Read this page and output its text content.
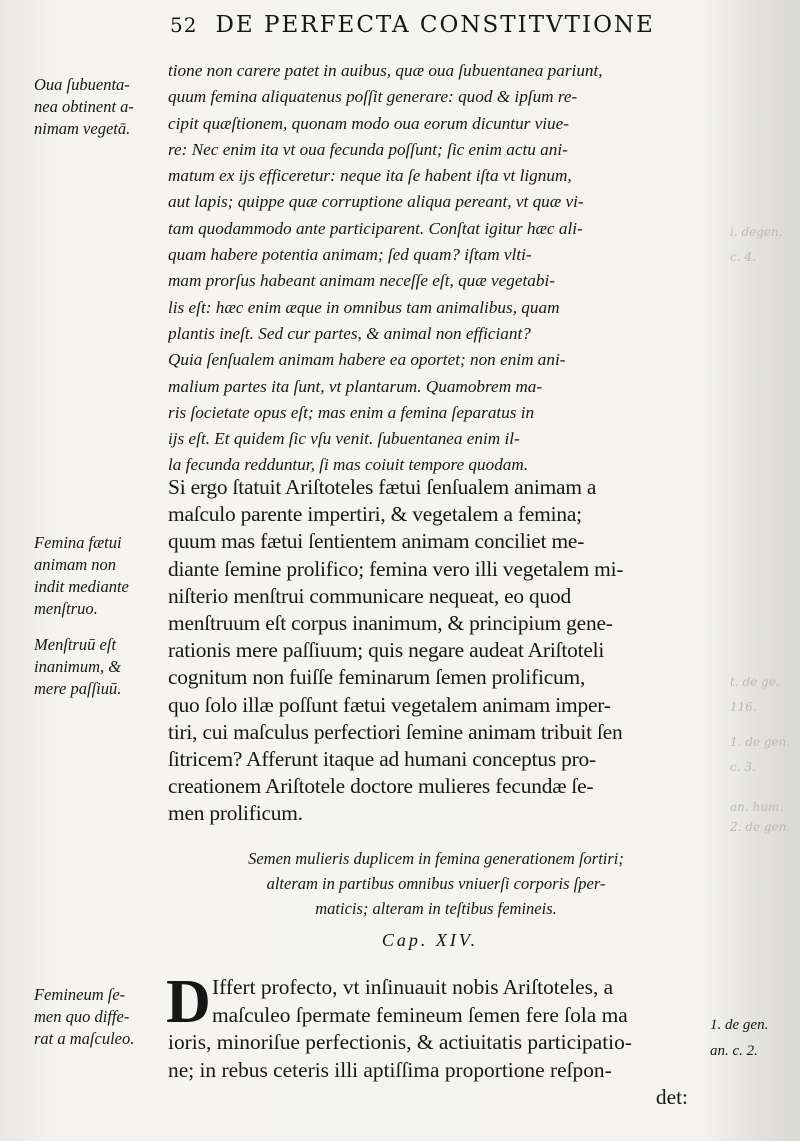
i. degen.
c. 4.
t. de ge.
116.
1. de gen.
c. 3.
an. hum.
2. de gen.
52 DE PERFECTA CONSTITVTIONE
tione non carere patet in auibus, quæ oua ſubuentanea pariunt,
quum femina aliquatenus poſſit generare: quod & ipſum re-
cipit quæſtionem, quonam modo oua eorum dicuntur viue-
re: Nec enim ita vt oua fecunda poſſunt; ſic enim actu ani-
matum ex ijs efficeretur: neque ita ſe habent iſta vt lignum,
aut lapis; quippe quæ corruptione aliqua pereant, vt quæ vi-
tam quodammodo ante participarent. Conſtat igitur hæc ali-
quam habere potentia animam; ſed quam? iſtam vlti-
mam prorſus habeant animam neceſſe eſt, quæ vegetabi-
lis eſt: hæc enim æque in omnibus tam animalibus, quam
plantis ineſt. Sed cur partes, & animal non efficiant?
Quia ſenſualem animam habere ea oportet; non enim ani-
malium partes ita ſunt, vt plantarum. Quamobrem ma-
ris ſocietate opus eſt; mas enim a femina ſeparatus in
ijs eſt. Et quidem ſic vſu venit. ſubuentanea enim il-
la fecunda redduntur, ſi mas coiuit tempore quodam.
Oua ſubuenta-
nea obtinent a-
nimam vegetā.
Si ergo ſtatuit Ariſtoteles fætui ſenſualem animam a
maſculo parente impertiri, & vegetalem a femina;
quum mas fætui ſentientem animam conciliet me-
diante ſemine prolifico; femina vero illi vegetalem mi-
niſterio menſtrui communicare nequeat, eo quod
menſtruum eſt corpus inanimum, & principium gene-
rationis mere paſſiuum; quis negare audeat Ariſtoteli
cognitum non fuiſſe feminarum ſemen prolificum,
quo ſolo illæ poſſunt fætui vegetalem animam imper-
tiri, cui maſculus perfectiori ſemine animam tribuit ſen
ſitricem? Afferunt itaque ad humani conceptus pro-
creationem Ariſtotele doctore mulieres fecundæ ſe-
men prolificum.
Femina fætui
animam non
indit mediante
menſtruo.
Menſtruū eſt
inanimum, &
mere paſſiuū.
Semen mulieris duplicem in femina generationem ſortiri;
alteram in partibus omnibus vniuerſi corporis ſper-
maticis; alteram in teſtibus femineis.
Cap. XIV.
Femineum ſe-
men quo diffe-
rat a maſculeo.
D Iffert profecto, vt inſinuauit nobis Ariſtoteles, a
maſculeo ſpermate femineum ſemen fere ſola ma
ioris, minoriſue perfectionis, & actiuitatis participatio-
ne; in rebus ceteris illi aptiſſima proportione reſpon-
det:
1. de gen.
an. c. 2.
